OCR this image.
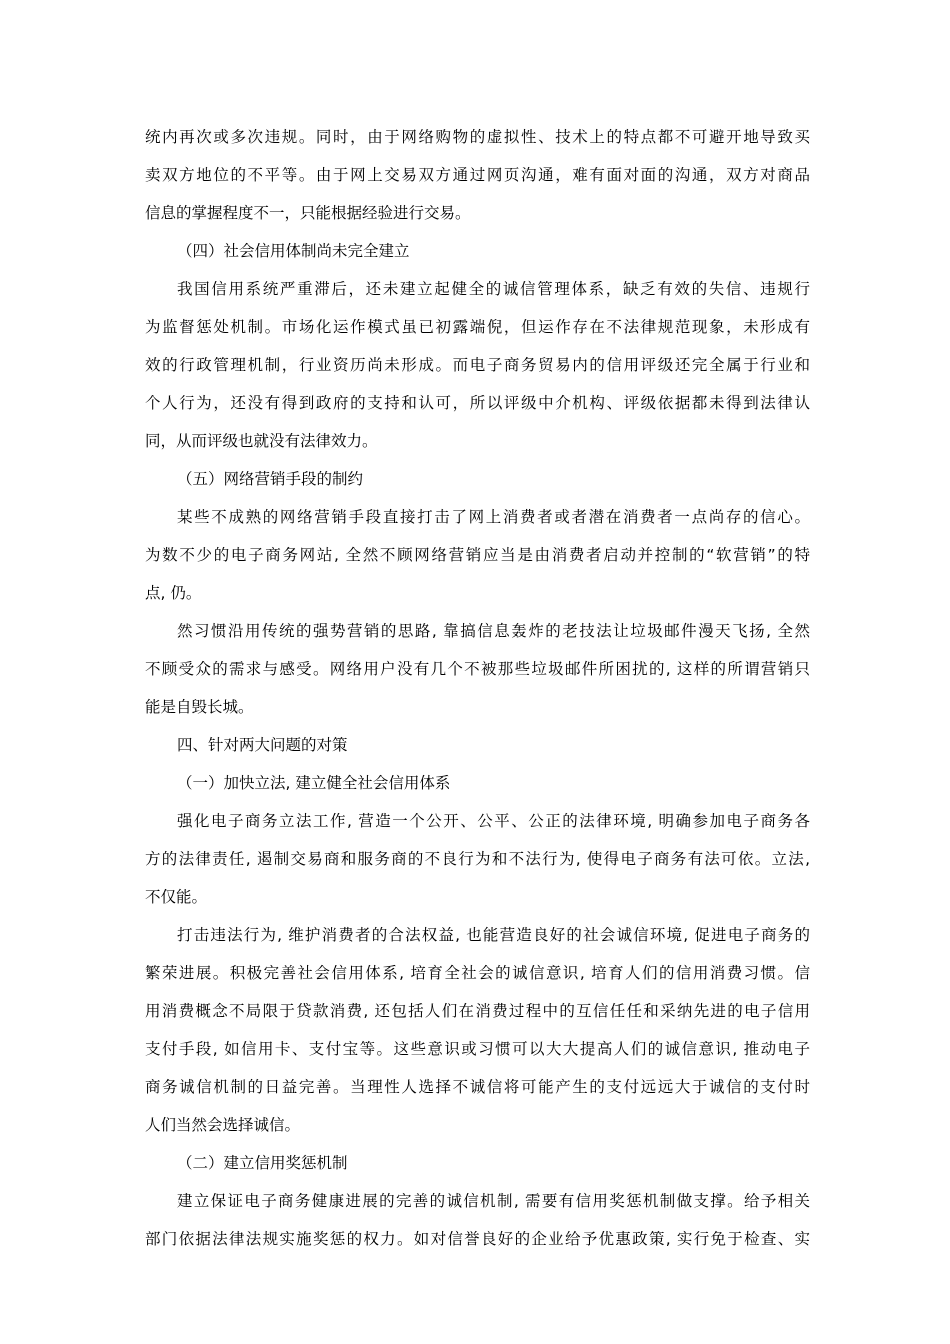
统内再次或多次违规。同时，由于网络购物的虚拟性、技术上的特点都不可避开地导致买
卖双方地位的不平等。由于网上交易双方通过网页沟通，难有面对面的沟通，双方对商品
信息的掌握程度不一，只能根据经验进行交易。
（四）社会信用体制尚未完全建立
我国信用系统严重滞后，还未建立起健全的诚信管理体系，缺乏有效的失信、违规行
为监督惩处机制。市场化运作模式虽已初露端倪，但运作存在不法律规范现象，未形成有
效的行政管理机制，行业资历尚未形成。而电子商务贸易内的信用评级还完全属于行业和
个人行为，还没有得到政府的支持和认可，所以评级中介机构、评级依据都未得到法律认
同，从而评级也就没有法律效力。
（五）网络营销手段的制约
某些不成熟的网络营销手段直接打击了网上消费者或者潜在消费者一点尚存的信心。
为数不少的电子商务网站, 全然不顾网络营销应当是由消费者启动并控制的“软营销”的特
点, 仍。
然习惯沿用传统的强势营销的思路, 靠搞信息轰炸的老技法让垃圾邮件漫天飞扬, 全然
不顾受众的需求与感受。网络用户没有几个不被那些垃圾邮件所困扰的, 这样的所谓营销只
能是自毁长城。
四、针对两大问题的对策
（一）加快立法, 建立健全社会信用体系
强化电子商务立法工作, 营造一个公开、公平、公正的法律环境, 明确参加电子商务各
方的法律责任, 遏制交易商和服务商的不良行为和不法行为, 使得电子商务有法可依。立法,
不仅能。
打击违法行为, 维护消费者的合法权益, 也能营造良好的社会诚信环境, 促进电子商务的
繁荣进展。积极完善社会信用体系, 培育全社会的诚信意识, 培育人们的信用消费习惯。信
用消费概念不局限于贷款消费, 还包括人们在消费过程中的互信任任和采纳先进的电子信用
支付手段, 如信用卡、支付宝等。这些意识或习惯可以大大提高人们的诚信意识, 推动电子
商务诚信机制的日益完善。当理性人选择不诚信将可能产生的支付远远大于诚信的支付时
人们当然会选择诚信。
（二）建立信用奖惩机制
建立保证电子商务健康进展的完善的诚信机制, 需要有信用奖惩机制做支撑。给予相关
部门依据法律法规实施奖惩的权力。如对信誉良好的企业给予优惠政策, 实行免于检查、实
